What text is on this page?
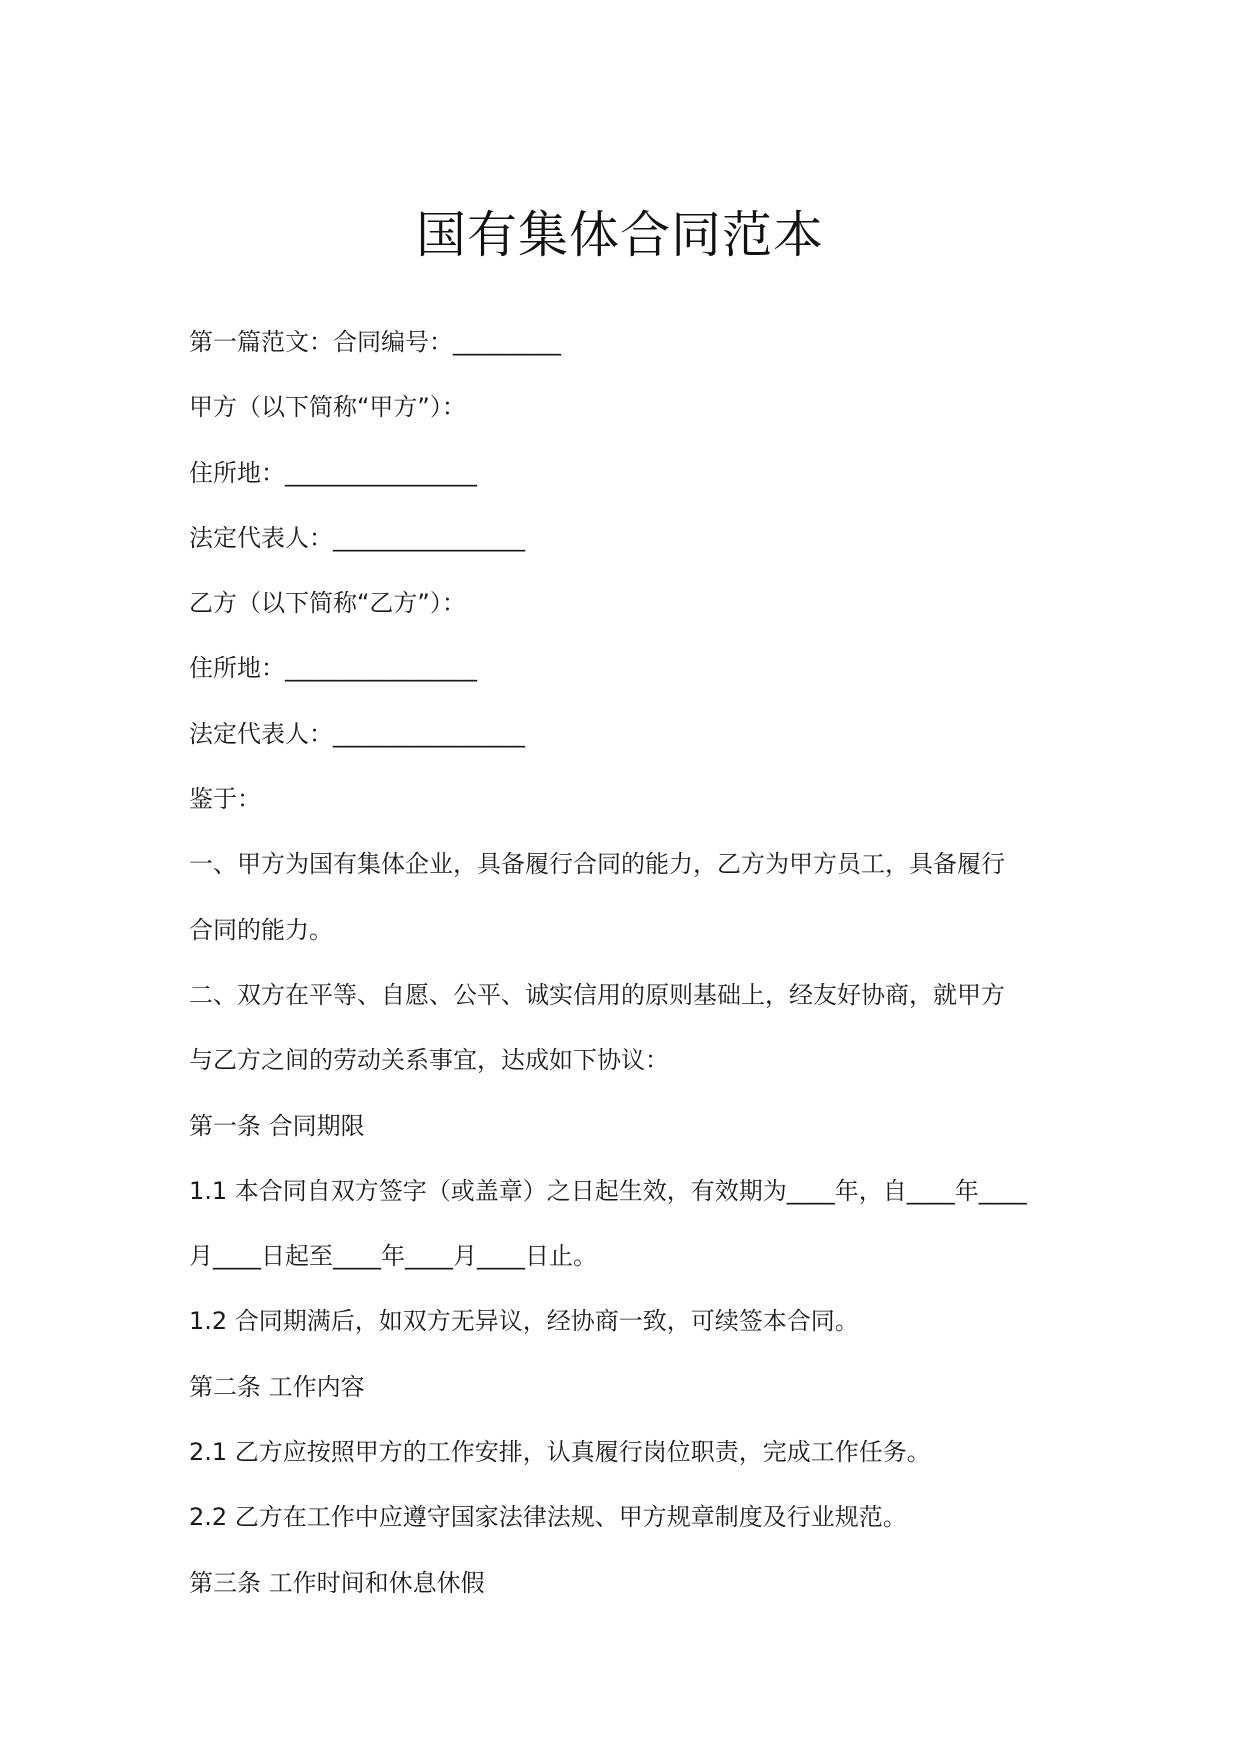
国有集体合同范本
第一篇范文：合同编号：_________
甲方（以下简称“甲方”）：
住所地：________________
法定代表人：________________
乙方（以下简称“乙方”）：
住所地：________________
法定代表人：________________
鉴于：
一、甲方为国有集体企业，具备履行合同的能力，乙方为甲方员工，具备履行
合同的能力。
二、双方在平等、自愿、公平、诚实信用的原则基础上，经友好协商，就甲方
与乙方之间的劳动关系事宜，达成如下协议：
第一条 合同期限
1.1 本合同自双方签字（或盖章）之日起生效，有效期为____年，自____年____
月____日起至____年____月____日止。
1.2 合同期满后，如双方无异议，经协商一致，可续签本合同。
第二条 工作内容
2.1 乙方应按照甲方的工作安排，认真履行岗位职责，完成工作任务。
2.2 乙方在工作中应遵守国家法律法规、甲方规章制度及行业规范。
第三条 工作时间和休息休假
